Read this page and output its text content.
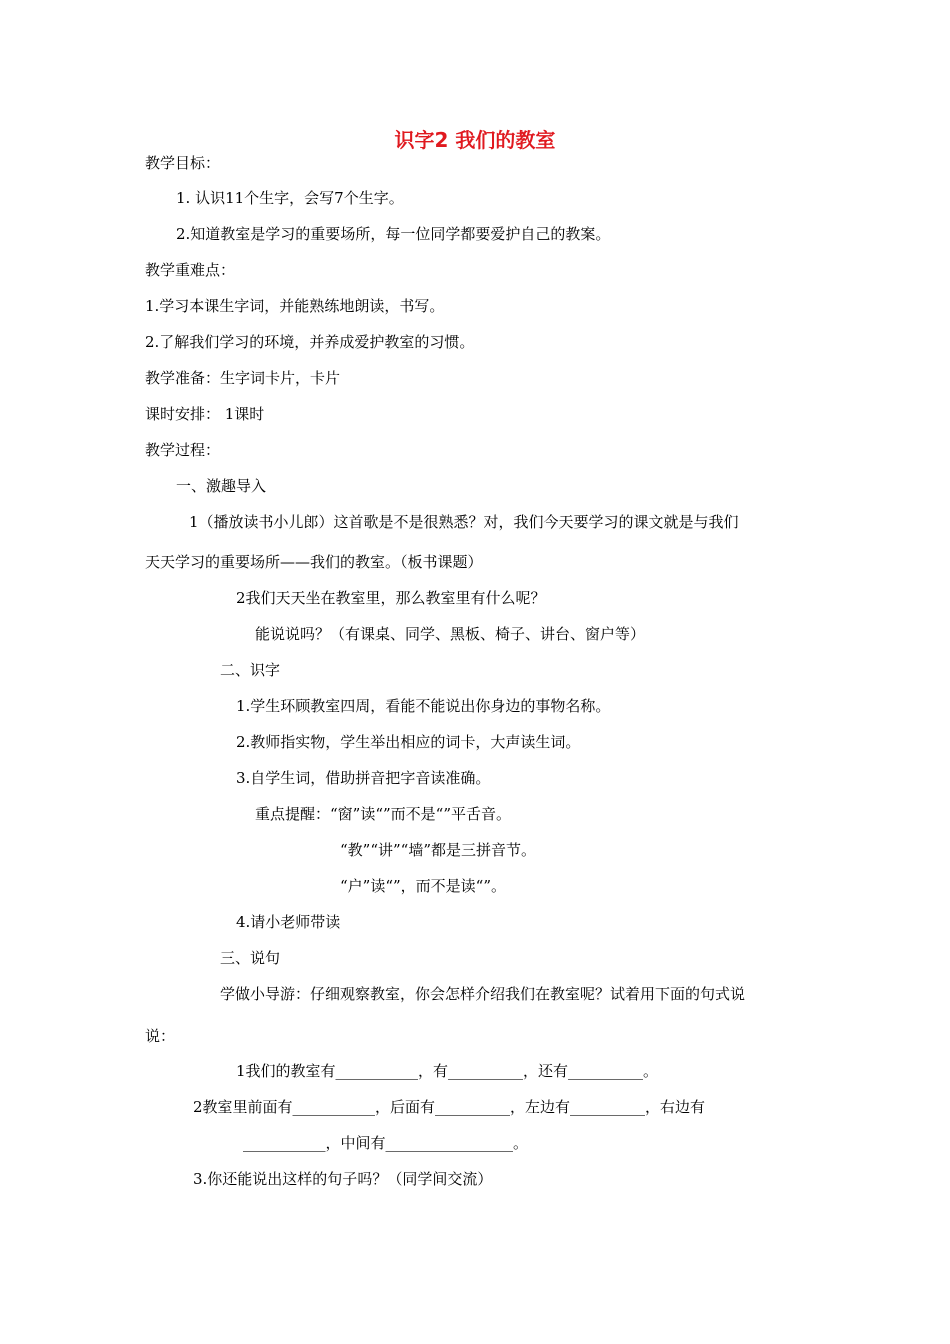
识字2 我们的教室
教学目标：
1. 认识11个生字，会写7个生字。
2.知道教室是学习的重要场所，每一位同学都要爱护自己的教案。
教学重难点：
1.学习本课生字词，并能熟练地朗读，书写。
2.了解我们学习的环境，并养成爱护教室的习惯。
教学准备：生字词卡片，卡片
课时安排： 1课时
教学过程：
一、激趣导入
1（播放读书小儿郎）这首歌是不是很熟悉？对，我们今天要学习的课文就是与我们
天天学习的重要场所——我们的教室。（板书课题）
2我们天天坐在教室里，那么教室里有什么呢？
能说说吗？（有课桌、同学、黑板、椅子、讲台、窗户等）
二、识字
1.学生环顾教室四周，看能不能说出你身边的事物名称。
2.教师指实物，学生举出相应的词卡，大声读生词。
3.自学生词，借助拼音把字音读准确。
重点提醒：“窗”读“”而不是“”平舌音。
“教”“讲”“墙”都是三拼音节。
“户”读“”，而不是读“”。
4.请小老师带读
三、说句
学做小导游：仔细观察教室，你会怎样介绍我们在教室呢？试着用下面的句式说
说：
1我们的教室有___________，有__________，还有__________。
2教室里前面有___________，后面有__________，左边有__________，右边有
___________，中间有_________________。
3.你还能说出这样的句子吗？（同学间交流）
